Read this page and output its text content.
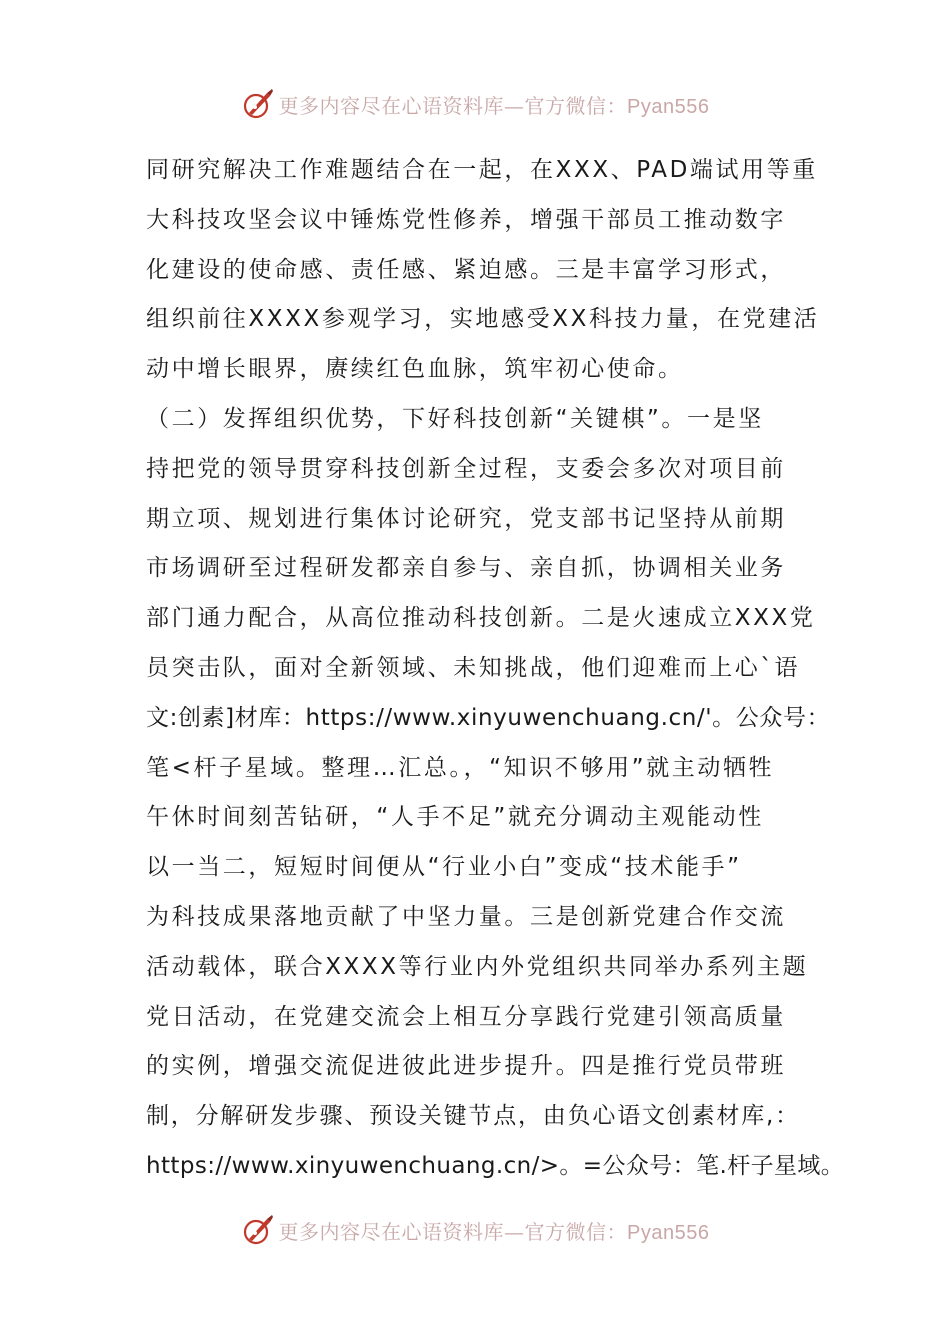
更多内容尽在心语资料库—官方微信：Pyan556
同研究解决工作难题结合在一起，在XXX、PAD端试用等重
大科技攻坚会议中锤炼党性修养，增强干部员工推动数字
化建设的使命感、责任感、紧迫感。三是丰富学习形式，
组织前往XXXX参观学习，实地感受XX科技力量，在党建活
动中增长眼界，赓续红色血脉，筑牢初心使命。
（二）发挥组织优势，下好科技创新“关键棋”。一是坚
持把党的领导贯穿科技创新全过程，支委会多次对项目前
期立项、规划进行集体讨论研究，党支部书记坚持从前期
市场调研至过程研发都亲自参与、亲自抓，协调相关业务
部门通力配合，从高位推动科技创新。二是火速成立XXX党
员突击队，面对全新领域、未知挑战，他们迎难而上心`语
文:创素]材库：https://www.xinyuwenchuang.cn/'。公众号：
笔<杆子星域。整理…汇总。，“知识不够用”就主动牺牲
午休时间刻苦钻研，“人手不足”就充分调动主观能动性
以一当二，短短时间便从“行业小白”变成“技术能手”
为科技成果落地贡献了中坚力量。三是创新党建合作交流
活动载体，联合XXXX等行业内外党组织共同举办系列主题
党日活动，在党建交流会上相互分享践行党建引领高质量
的实例，增强交流促进彼此进步提升。四是推行党员带班
制，分解研发步骤、预设关键节点，由负心语文创素材库,：
https://www.xinyuwenchuang.cn/>。=公众号：笔.杆子星域。
更多内容尽在心语资料库—官方微信：Pyan556
